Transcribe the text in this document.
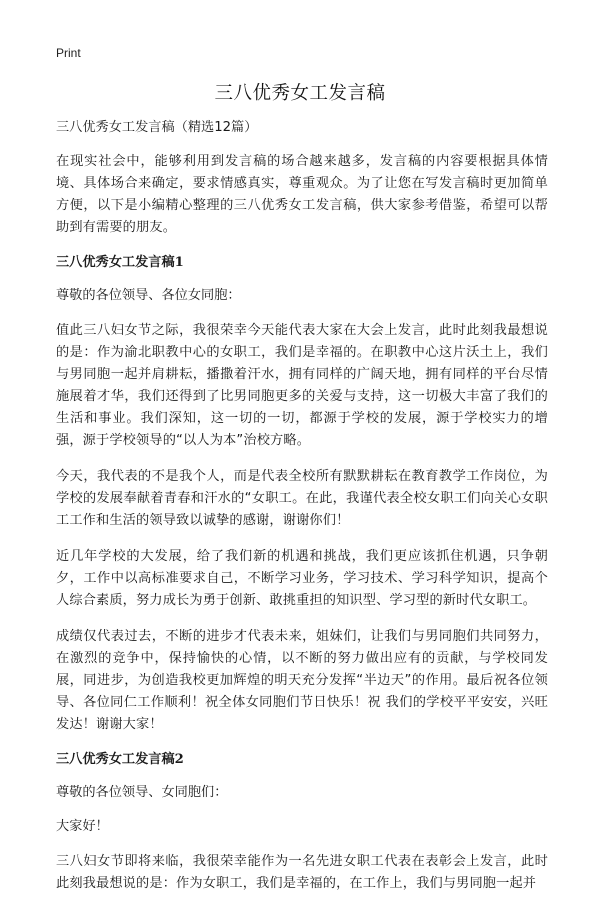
Print
三八优秀女工发言稿
三八优秀女工发言稿（精选12篇）

在现实社会中，能够利用到发言稿的场合越来越多，发言稿的内容要根据具体情境、具体场合来确定，要求情感真实，尊重观众。为了让您在写发言稿时更加简单方便，以下是小编精心整理的三八优秀女工发言稿，供大家参考借鉴，希望可以帮助到有需要的朋友。

三八优秀女工发言稿1
尊敬的各位领导、各位女同胞：

值此三八妇女节之际，我很荣幸今天能代表大家在大会上发言，此时此刻我最想说的是：作为渝北职教中心的女职工，我们是幸福的。在职教中心这片沃土上，我们与男同胞一起并肩耕耘，播撒着汗水，拥有同样的广阔天地，拥有同样的平台尽情施展着才华，我们还得到了比男同胞更多的关爱与支持，这一切极大丰富了我们的生活和事业。我们深知，这一切的一切，都源于学校的发展，源于学校实力的增强，源于学校领导的“以人为本”治校方略。

今天，我代表的不是我个人，而是代表全校所有默默耕耘在教育教学工作岗位，为学校的发展奉献着青春和汗水的“女职工。在此，我谨代表全校女职工们向关心女职工工作和生活的领导致以诚挚的感谢，谢谢你们！

近几年学校的大发展，给了我们新的机遇和挑战，我们更应该抓住机遇，只争朝夕，工作中以高标准要求自己，不断学习业务，学习技术、学习科学知识，提高个人综合素质，努力成长为勇于创新、敢挑重担的知识型、学习型的新时代女职工。

成绩仅代表过去，不断的进步才代表未来，姐妹们，让我们与男同胞们共同努力，在激烈的竞争中，保持愉快的心情，以不断的努力做出应有的贡献，与学校同发展，同进步，为创造我校更加辉煌的明天充分发挥“半边天”的作用。最后祝各位领导、各位同仁工作顺利！祝全体女同胞们节日快乐！祝 我们的学校平平安安，兴旺发达！谢谢大家！

三八优秀女工发言稿2
尊敬的各位领导、女同胞们：
大家好！

三八妇女节即将来临，我很荣幸能作为一名先进女职工代表在表彰会上发言，此时此刻我最想说的是：作为女职工，我们是幸福的，在工作上，我们与男同胞一起并
